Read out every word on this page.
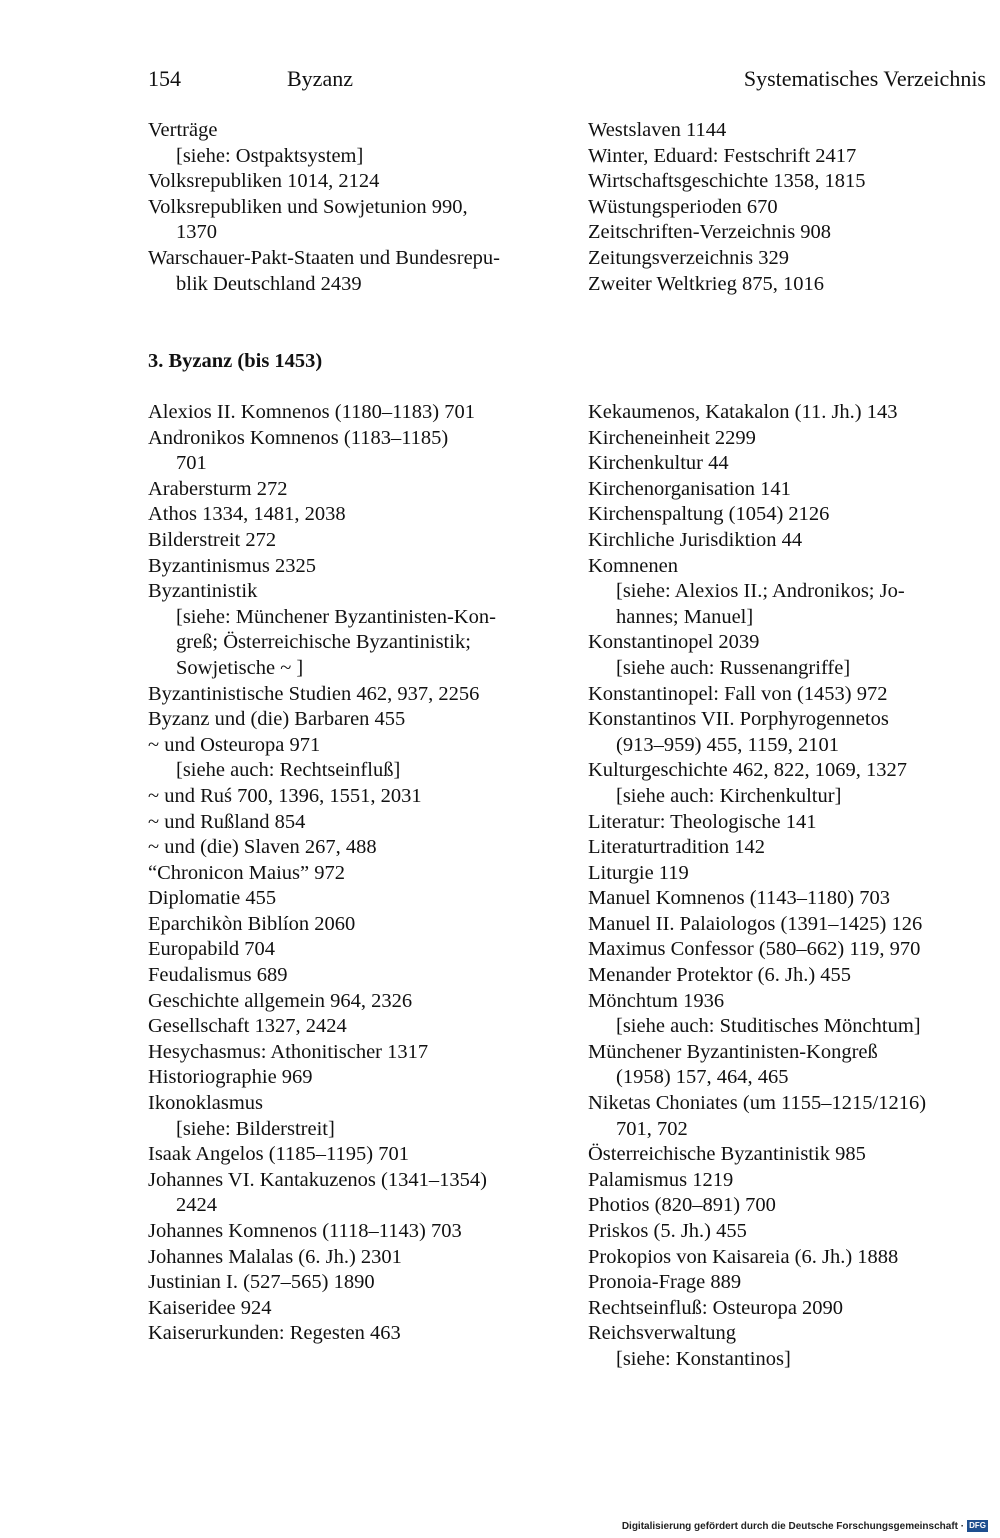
154	Byzanz	Systematisches Verzeichnis
Verträge
[siehe: Ostpaktsystem]
Volksrepubliken 1014, 2124
Volksrepubliken und Sowjetunion 990,
1370
Warschauer-Pakt-Staaten und Bundesrepu-
blik Deutschland 2439
Westslaven 1144
Winter, Eduard: Festschrift 2417
Wirtschaftsgeschichte 1358, 1815
Wüstungsperioden 670
Zeitschriften-Verzeichnis 908
Zeitungsverzeichnis 329
Zweiter Weltkrieg 875, 1016
3. Byzanz (bis 1453)
Alexios II. Komnenos (1180–1183) 701
Andronikos Komnenos (1183–1185)
701
Arabersturm 272
Athos 1334, 1481, 2038
Bilderstreit 272
Byzantinismus 2325
Byzantinistik
[siehe: Münchener Byzantinisten-Kon-
greß; Österreichische Byzantinistik;
Sowjetische ~ ]
Byzantinistische Studien 462, 937, 2256
Byzanz und (die) Barbaren 455
~ und Osteuropa 971
[siehe auch: Rechtseinfluß]
~ und Ruś 700, 1396, 1551, 2031
~ und Rußland 854
~ und (die) Slaven 267, 488
“Chronicon Maius” 972
Diplomatie 455
Eparchikòn Biblíon 2060
Europabild 704
Feudalismus 689
Geschichte allgemein 964, 2326
Gesellschaft 1327, 2424
Hesychasmus: Athonitischer 1317
Historiographie 969
Ikonoklasmus
[siehe: Bilderstreit]
Isaak Angelos (1185–1195) 701
Johannes VI. Kantakuzenos (1341–1354)
2424
Johannes Komnenos (1118–1143) 703
Johannes Malalas (6. Jh.) 2301
Justinian I. (527–565) 1890
Kaiseridee 924
Kaiserurkunden: Regesten 463
Kekaumenos, Katakalon (11. Jh.) 143
Kircheneinheit 2299
Kirchenkultur 44
Kirchenorganisation 141
Kirchenspaltung (1054) 2126
Kirchliche Jurisdiktion 44
Komnenen
[siehe: Alexios II.; Andronikos; Jo-
hannes; Manuel]
Konstantinopel 2039
[siehe auch: Russenangriffe]
Konstantinopel: Fall von (1453) 972
Konstantinos VII. Porphyrogennetos
(913–959) 455, 1159, 2101
Kulturgeschichte 462, 822, 1069, 1327
[siehe auch: Kirchenkultur]
Literatur: Theologische 141
Literaturtradition 142
Liturgie 119
Manuel Komnenos (1143–1180) 703
Manuel II. Palaiologos (1391–1425) 126
Maximus Confessor (580–662) 119, 970
Menander Protektor (6. Jh.) 455
Mönchtum 1936
[siehe auch: Studitisches Mönchtum]
Münchener Byzantinisten-Kongreß
(1958) 157, 464, 465
Niketas Choniates (um 1155–1215/1216)
701, 702
Österreichische Byzantinistik 985
Palamismus 1219
Photios (820–891) 700
Priskos (5. Jh.) 455
Prokopios von Kaisareia (6. Jh.) 1888
Pronoia-Frage 889
Rechtseinfluß: Osteuropa 2090
Reichsverwaltung
[siehe: Konstantinos]
Digitalisierung gefördert durch die Deutsche Forschungsgemeinschaft · DFG
